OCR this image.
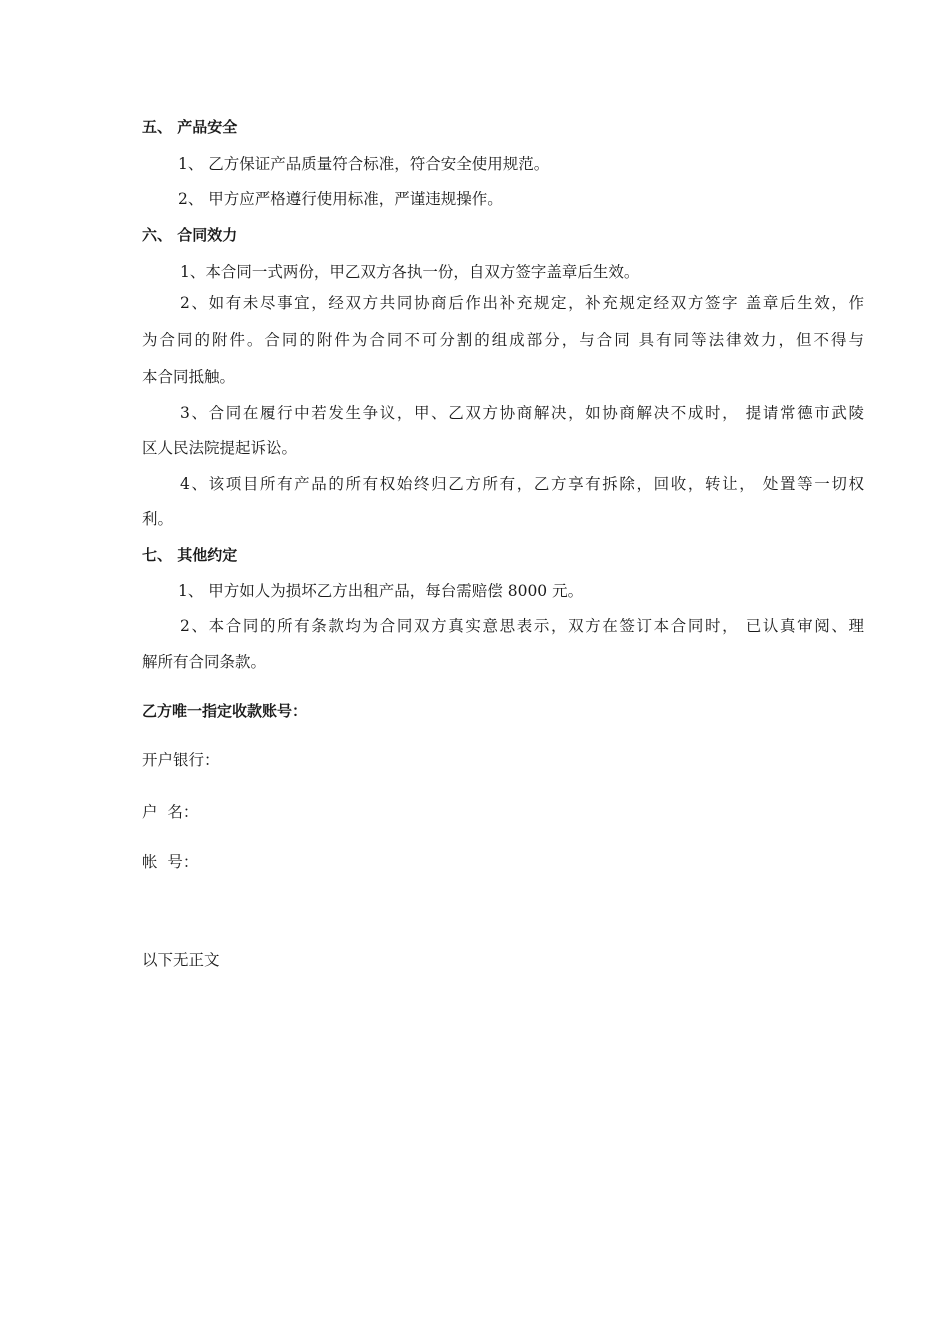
五、 产品安全
1、 乙方保证产品质量符合标准，符合安全使用规范。
2、 甲方应严格遵行使用标准，严谨违规操作。
六、 合同效力
1、本合同一式两份，甲乙双方各执一份，自双方签字盖章后生效。
2、如有未尽事宜，经双方共同协商后作出补充规定，补充规定经双方签字 盖章后生效，作
为合同的附件。合同的附件为合同不可分割的组成部分，与合同 具有同等法律效力，但不得与
本合同抵触。
3、合同在履行中若发生争议，甲、乙双方协商解决，如协商解决不成时， 提请常德市武陵
区人民法院提起诉讼。
4、该项目所有产品的所有权始终归乙方所有，乙方享有拆除，回收，转让， 处置等一切权
利。
七、 其他约定
1、 甲方如人为损坏乙方出租产品，每台需赔偿 8000 元。
2、本合同的所有条款均为合同双方真实意思表示，双方在签订本合同时， 已认真审阅、理
解所有合同条款。
乙方唯一指定收款账号：
开户银行：
户  名：
帐  号：
以下无正文
